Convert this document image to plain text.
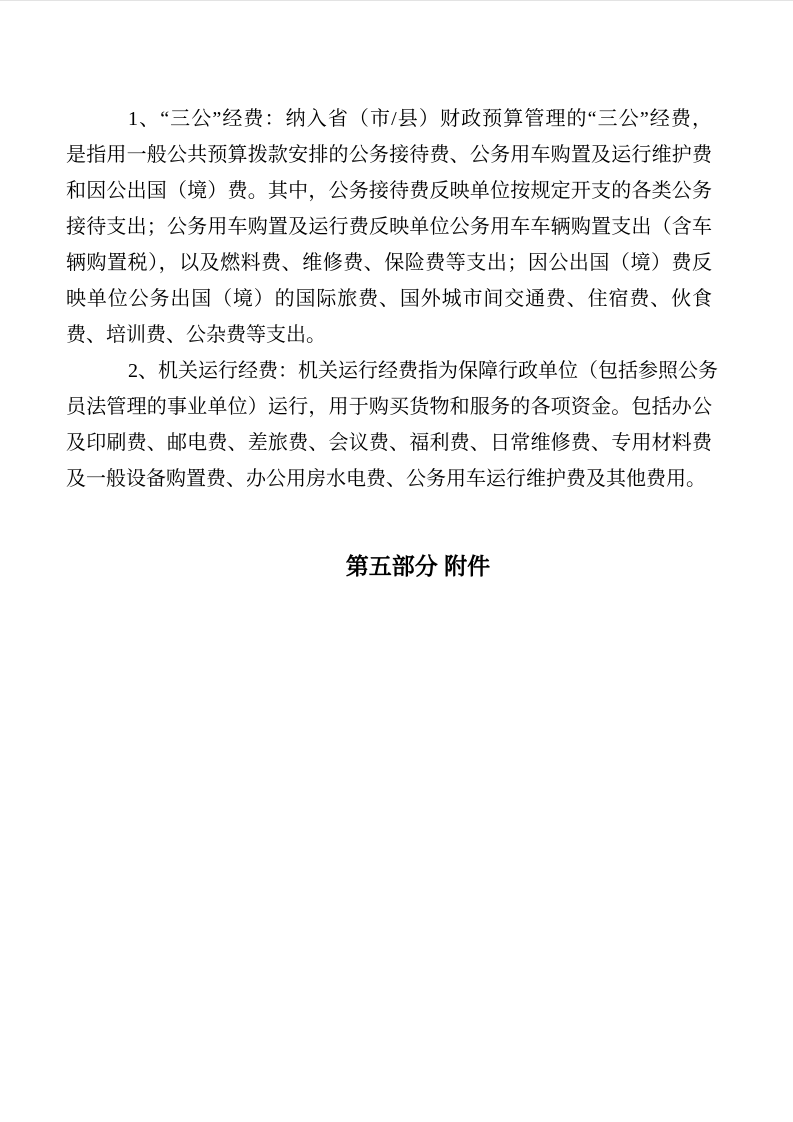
1、“三公”经费：纳入省（市/县）财政预算管理的“三公”经费，
是指用一般公共预算拨款安排的公务接待费、公务用车购置及运行维护费
和因公出国（境）费。其中，公务接待费反映单位按规定开支的各类公务
接待支出；公务用车购置及运行费反映单位公务用车车辆购置支出（含车
辆购置税），以及燃料费、维修费、保险费等支出；因公出国（境）费反
映单位公务出国（境）的国际旅费、国外城市间交通费、住宿费、伙食
费、培训费、公杂费等支出。
2、机关运行经费：机关运行经费指为保障行政单位（包括参照公务
员法管理的事业单位）运行，用于购买货物和服务的各项资金。包括办公
及印刷费、邮电费、差旅费、会议费、福利费、日常维修费、专用材料费
及一般设备购置费、办公用房水电费、公务用车运行维护费及其他费用。
第五部分 附件
